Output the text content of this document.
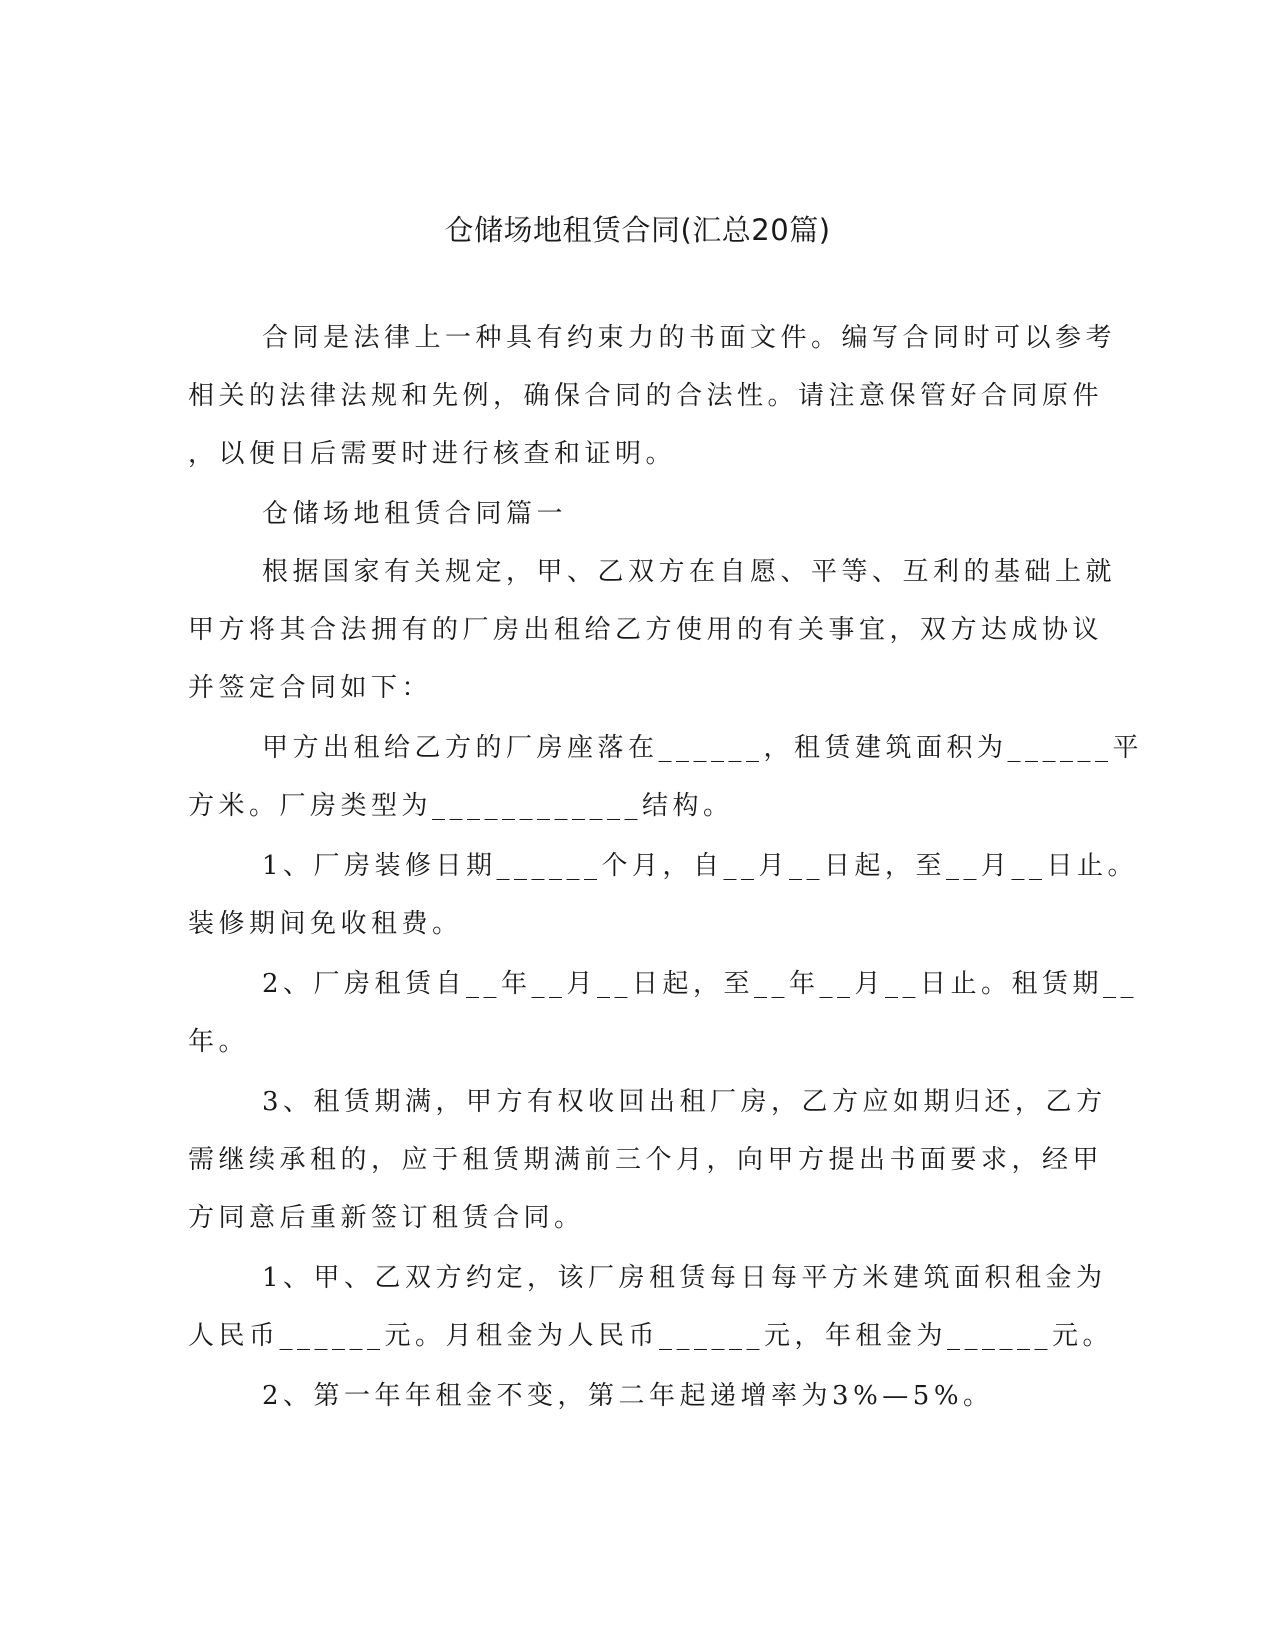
仓储场地租赁合同(汇总20篇)

合同是法律上一种具有约束力的书面文件。编写合同时可以参考

相关的法律法规和先例，确保合同的合法性。请注意保管好合同原件

，以便日后需要时进行核查和证明。

仓储场地租赁合同篇一

根据国家有关规定，甲、乙双方在自愿、平等、互利的基础上就

甲方将其合法拥有的厂房出租给乙方使用的有关事宜，双方达成协议

并签定合同如下：

甲方出租给乙方的厂房座落在______，租赁建筑面积为______平

方米。厂房类型为____________结构。

1、厂房装修日期______个月，自__月__日起，至__月__日止。

装修期间免收租费。

2、厂房租赁自__年__月__日起，至__年__月__日止。租赁期__

年。

3、租赁期满，甲方有权收回出租厂房，乙方应如期归还，乙方

需继续承租的，应于租赁期满前三个月，向甲方提出书面要求，经甲

方同意后重新签订租赁合同。

1、甲、乙双方约定，该厂房租赁每日每平方米建筑面积租金为

人民币______元。月租金为人民币______元，年租金为______元。

2、第一年年租金不变，第二年起递增率为3%—5%。
